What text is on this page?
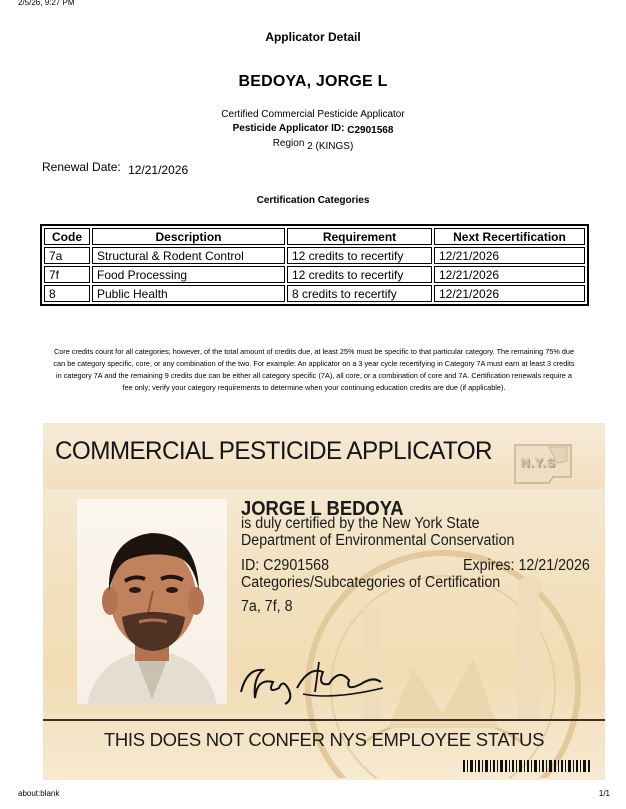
2/5/26, 9:27 PM
Applicator Detail
BEDOYA, JORGE L
Certified Commercial Pesticide Applicator
Pesticide Applicator ID: C2901568
Region 2 (KINGS)
Renewal Date: 12/21/2026
Certification Categories
Code	Description	Requirement	Next Recertification
7a	Structural & Rodent Control	12 credits to recertify	12/21/2026
7f	Food Processing	12 credits to recertify	12/21/2026
8	Public Health	8 credits to recertify	12/21/2026
Core credits count for all categories; however, of the total amount of credits due, at least 25% must be specific to that particular category. The remaining 75% due can be category specific, core, or any combination of the two. For example: An applicator on a 3 year cycle recertifying in Category 7A must earn at least 3 credits in category 7A and the remaining 9 credits due can be either all category specific (7A), all core, or a combination of core and 7A. Certification renewals require a fee only; verify your category requirements to determine when your continuing education credits are due (if applicable).
COMMERCIAL PESTICIDE APPLICATOR N.Y.S
JORGE L BEDOYA
is duly certified by the New York State
Department of Environmental Conservation
ID: C2901568	Expires: 12/21/2026
Categories/Subcategories of Certification
7a, 7f, 8
THIS DOES NOT CONFER NYS EMPLOYEE STATUS
about:blank	1/1
